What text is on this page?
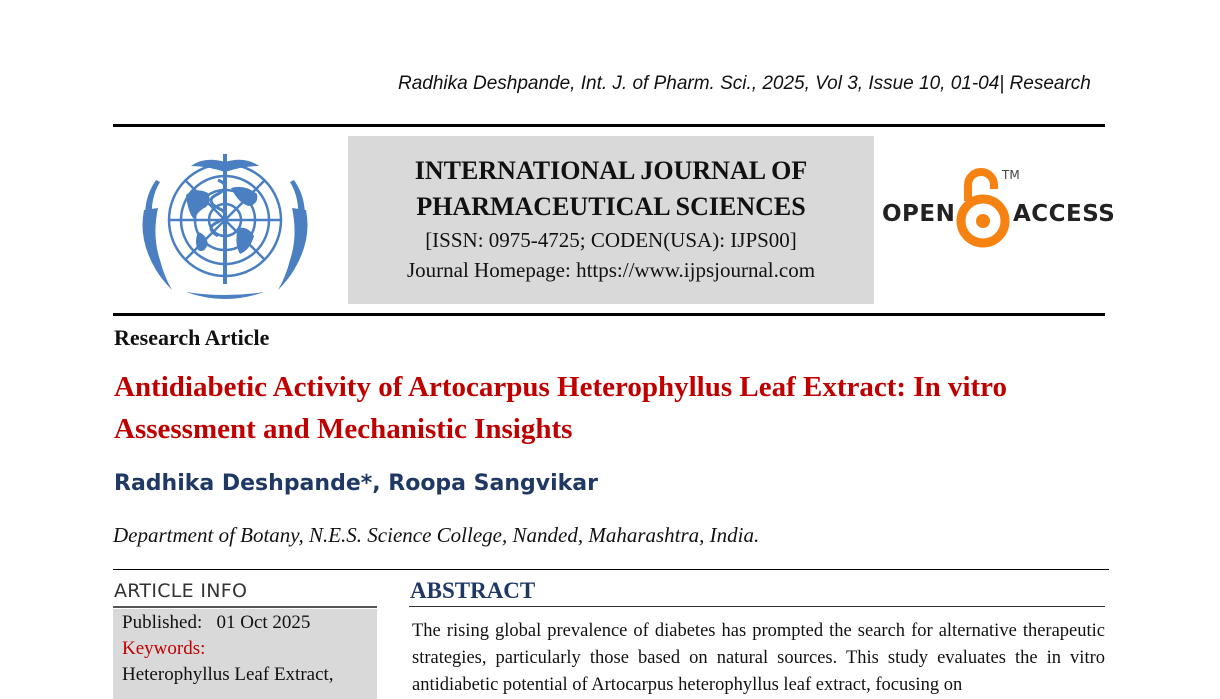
Radhika Deshpande, Int. J. of Pharm. Sci., 2025, Vol 3, Issue 10, 01-04| Research
INTERNATIONAL JOURNAL OF
PHARMACEUTICAL SCIENCES
[ISSN: 0975-4725; CODEN(USA): IJPS00]
Journal Homepage: https://www.ijpsjournal.com
OPEN
TM
ACCESS
Research Article
Antidiabetic Activity of Artocarpus Heterophyllus Leaf Extract: In vitro
Assessment and Mechanistic Insights
Radhika Deshpande*, Roopa Sangvikar
Department of Botany, N.E.S. Science College, Nanded, Maharashtra, India.
ARTICLE INFO
Published:   01 Oct 2025
Keywords:
Heterophyllus Leaf Extract,
ABSTRACT
The rising global prevalence of diabetes has prompted the search for alternative therapeutic strategies, particularly those based on natural sources. This study evaluates the in vitro antidiabetic potential of Artocarpus heterophyllus leaf extract, focusing on
